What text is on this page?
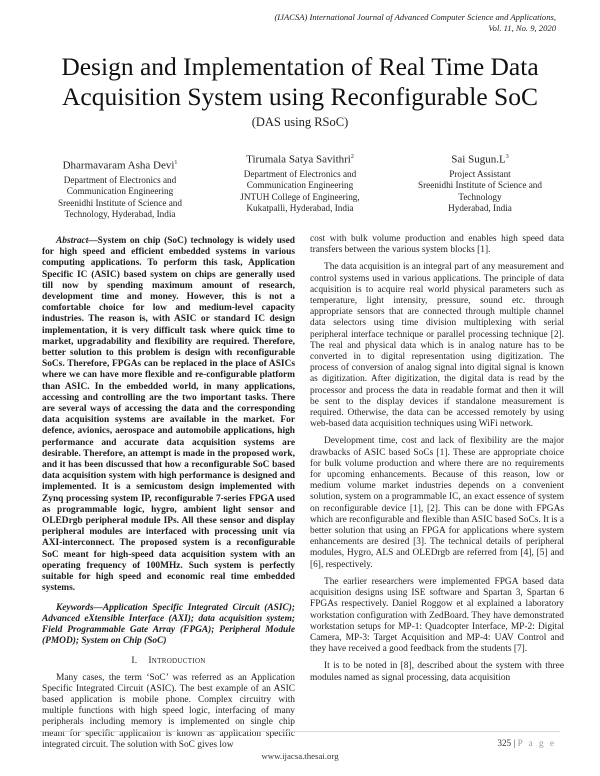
(IJACSA) International Journal of Advanced Computer Science and Applications,
Vol. 11, No. 9, 2020
Design and Implementation of Real Time Data
Acquisition System using Reconfigurable SoC
(DAS using RSoC)
Dharmavaram Asha Devi$^1$
Department of Electronics and
Communication Engineering
Sreenidhi Institute of Science and
Technology, Hyderabad, India
Tirumala Satya Savithri$^2$
Department of Electronics and
Communication Engineering
JNTUH College of Engineering,
Kukatpalli, Hyderabad, India
Sai $Sugun.L^3$
Project Assistant
Sreenidhi Institute of Science and
Technology
Hyderabad, India

Abstract—System on chip (SoC) technology is widely used for high speed and efficient embedded systems in various computing applications. To perform this task, Application Specific IC (ASIC) based system on chips are generally used till now by spending maximum amount of research, development time and money. However, this is not a comfortable choice for low and medium-level capacity industries. The reason is, with ASIC or standard IC design implementation, it is very difficult task where quick time to market, upgradability and flexibility are required. Therefore, better solution to this problem is design with reconfigurable SoCs. Therefore, FPGAs can be replaced in the place of ASICs where we can have more flexible and re-configurable platform than ASIC. In the embedded world, in many applications, accessing and controlling are the two important tasks. There are several ways of accessing the data and the corresponding data acquisition systems are available in the market. For defence, avionics, aerospace and automobile applications, high performance and accurate data acquisition systems are desirable. Therefore, an attempt is made in the proposed work, and it has been discussed that how a reconfigurable SoC based data acquisition system with high performance is designed and implemented. It is a semicustom design implemented with Zynq processing system IP, reconfigurable 7-series FPGA used as programmable logic, hygro, ambient light sensor and OLEDrgb peripheral module IPs. All these sensor and display peripheral modules are interfaced with processing unit via AXI-interconnect. The proposed system is a reconfigurable SoC meant for high-speed data acquisition system with an operating frequency of 100MHz. Such system is perfectly suitable for high speed and economic real time embedded systems.

Keywords—Application Specific Integrated Circuit (ASIC); Advanced eXtensible Interface (AXI); data acquisition system; Field Programmable Gate Array (FPGA); Peripheral Module (PMOD); System on Chip (SoC)

I. Introduction

Many cases, the term ‘SoC’ was referred as an Application Specific Integrated Circuit (ASIC). The best example of an ASIC based application is mobile phone. Complex circuitry with multiple functions with high speed logic, interfacing of many peripherals including memory is implemented on single chip meant for specific application is known as application specific integrated circuit. The solution with SoC gives low

cost with bulk volume production and enables high speed data transfers between the various system blocks [1].

The data acquisition is an integral part of any measurement and control systems used in various applications. The principle of data acquisition is to acquire real world physical parameters such as temperature, light intensity, pressure, sound etc. through appropriate sensors that are connected through multiple channel data selectors using time division multiplexing with serial peripheral interface technique or parallel processing technique [2]. The real and physical data which is in analog nature has to be converted in to digital representation using digitization. The process of conversion of analog signal into digital signal is known as digitization. After digitization, the digital data is read by the processor and process the data in readable format and then it will be sent to the display devices if standalone measurement is required. Otherwise, the data can be accessed remotely by using web-based data acquisition techniques using WiFi network.

Development time, cost and lack of flexibility are the major drawbacks of ASIC based SoCs [1]. These are appropriate choice for bulk volume production and where there are no requirements for upcoming enhancements. Because of this reason, low or medium volume market industries depends on a convenient solution, system on a programmable IC, an exact essence of system on reconfigurable device [1], [2]. This can be done with FPGAs which are reconfigurable and flexible than ASIC based SoCs. It is a better solution that using an FPGA for applications where system enhancements are desired [3]. The technical details of peripheral modules, Hygro, ALS and OLEDrgb are referred from [4], [5] and [6], respectively.

The earlier researchers were implemented FPGA based data acquisition designs using ISE software and Spartan 3, Spartan 6 FPGAs respectively. Daniel Roggow et al explained a laboratory workstation configuration with ZedBoard. They have demonstrated workstation setups for MP-1: Quadcopter Interface, MP-2: Digital Camera, MP-3: Target Acquisition and MP-4: UAV Control and they have received a good feedback from the students [7].

It is to be noted in [8], described about the system with three modules named as signal processing, data acquisition

325 | P a g e
www.ijacsa.thesai.org
